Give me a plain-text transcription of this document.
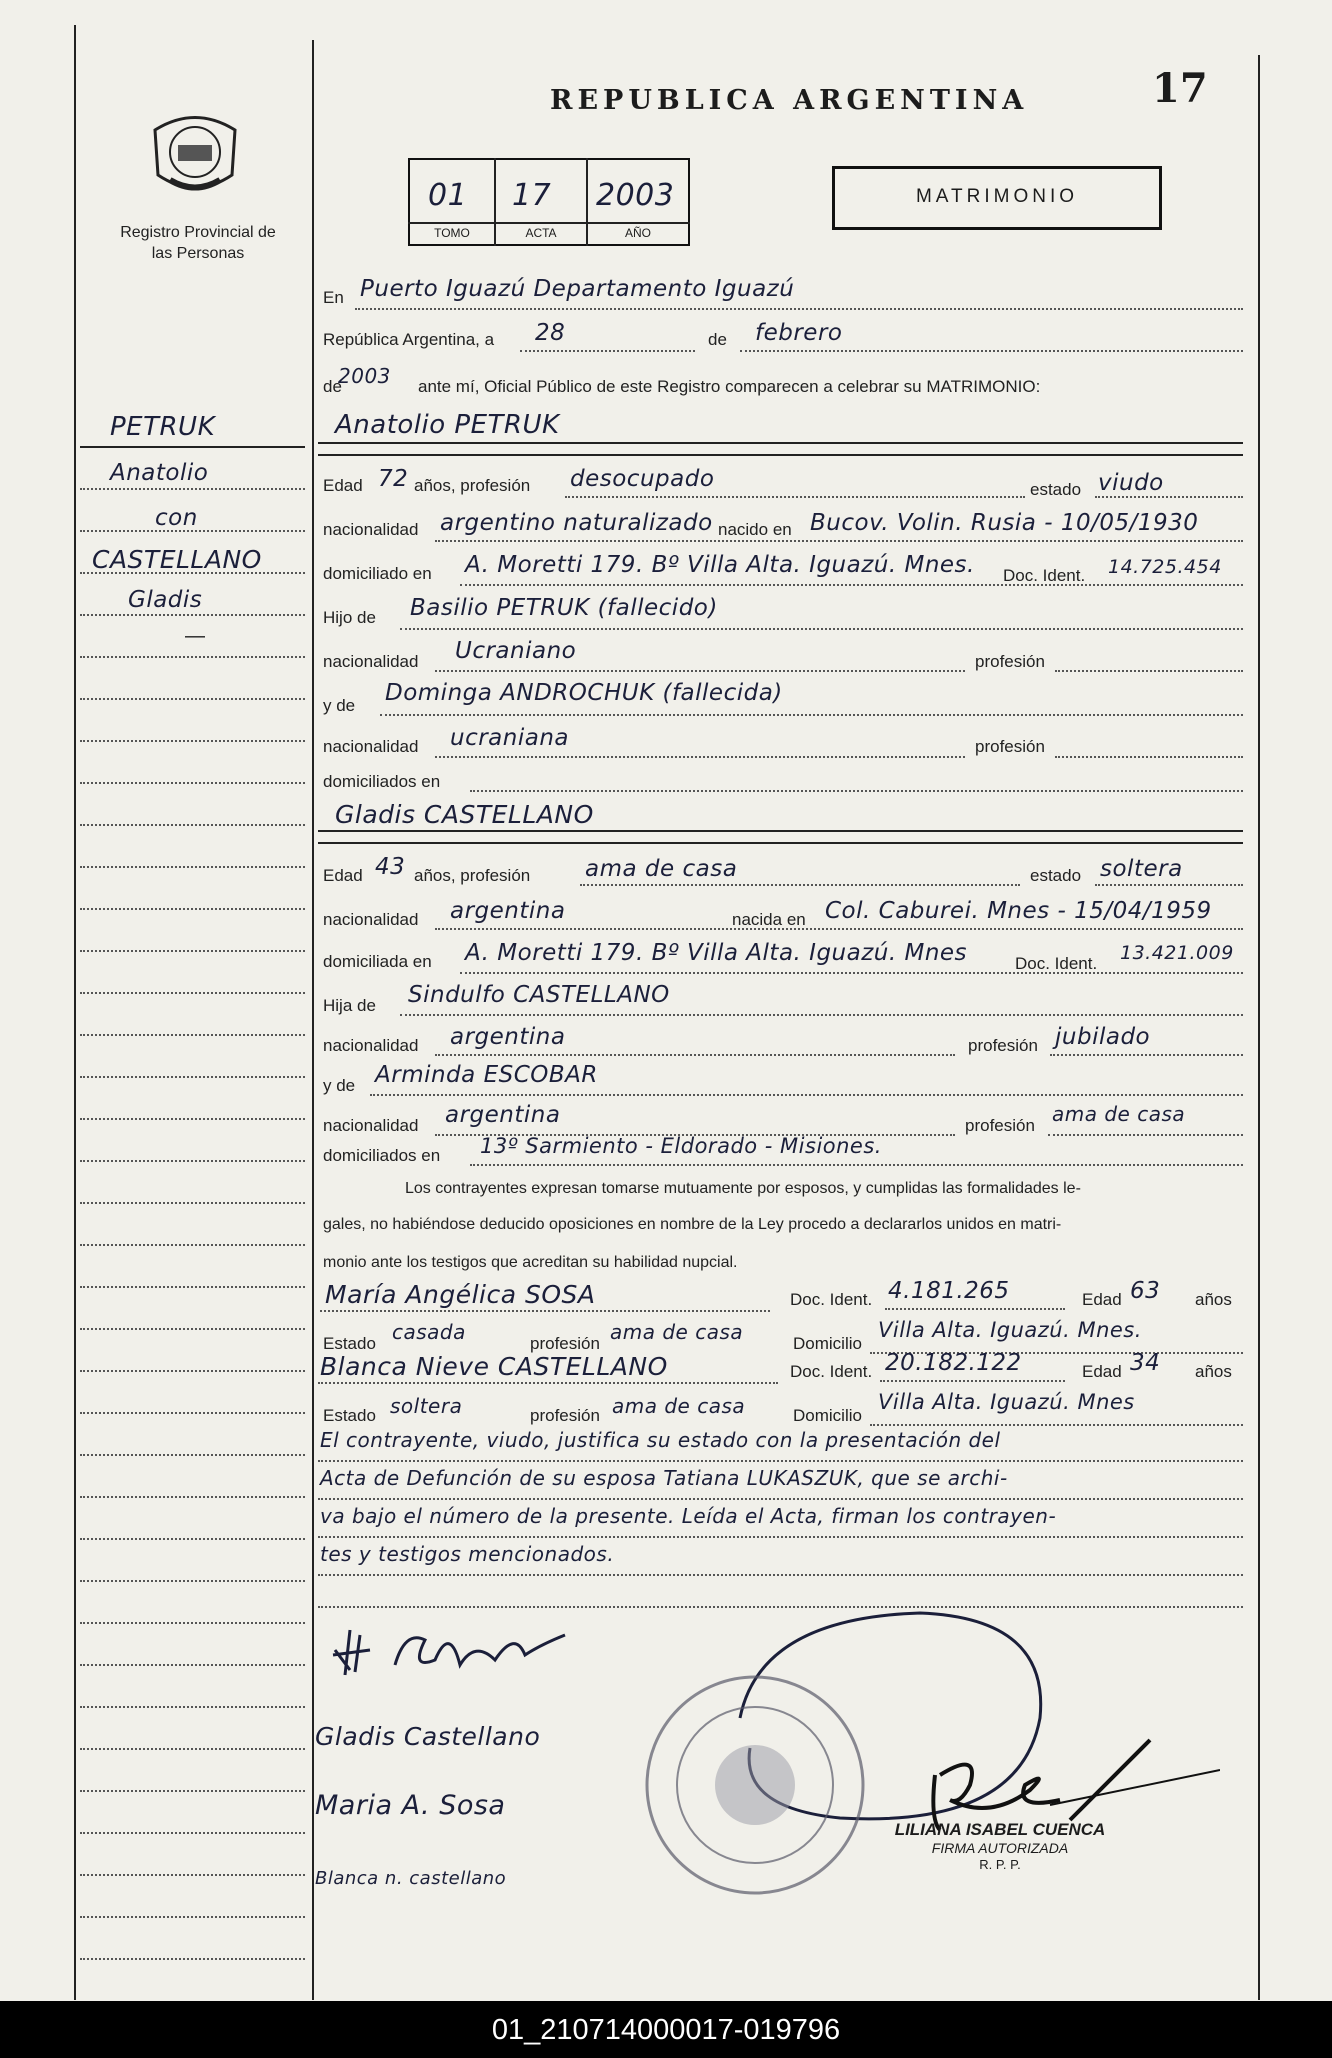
Registro Provincial de las Personas
REPUBLICA ARGENTINA	17
01 17 2003
TOMO	ACTA	AÑO
MATRIMONIO
PETRUK
Anatolio
con
CASTELLANO
Gladis
—
En Puerto Iguazú Departamento Iguazú
República Argentina, a 28	de febrero
de
2003 ante mí, Oficial Público de este Registro comparecen a celebrar su MATRIMONIO:
Anatolio PETRUK
Edad 72 años, profesión desocupado	estado viudo
nacionalidad argentino naturalizado nacido en Bucov. Volin. Rusia - 10/05/1930
domiciliado en A. Moretti 179. Bº Villa Alta. Iguazú. Mnes. Doc. Ident. 14.725.454
Hijo de Basilio PETRUK (fallecido)
nacionalidad Ucraniano	profesión
y de Dominga ANDROCHUK (fallecida)
nacionalidad ucraniana	profesión
domiciliados en
Gladis CASTELLANO
Edad 43 años, profesión ama de casa	estado soltera
nacionalidad argentina	nacida en Col. Caburei. Mnes - 15/04/1959
domiciliada en A. Moretti 179. Bº Villa Alta. Iguazú. Mnes	Doc. Ident. 13.421.009
Hija de Sindulfo CASTELLANO
nacionalidad argentina	profesión jubilado
y de Arminda ESCOBAR
nacionalidad argentina	profesión ama de casa
domiciliados en 13º Sarmiento - Eldorado - Misiones.
Los contrayentes expresan tomarse mutuamente por esposos, y cumplidas las formalidades le-
gales, no habiéndose deducido oposiciones en nombre de la Ley procedo a declararlos unidos en matri-
monio ante los testigos que acreditan su habilidad nupcial.
María Angélica SOSA	Doc. Ident. 4.181.265	Edad 63 años
Estado casada	profesión ama de casa	Domicilio
Villa Alta. Iguazú. Mnes.
Blanca Nieve CASTELLANO	Doc. Ident. 20.182.122	Edad 34 años
Estado soltera	profesión ama de casa	Domicilio
Villa Alta. Iguazú. Mnes
El contrayente, viudo, justifica su estado con la presentación del
Acta de Defunción de su esposa Tatiana LUKASZUK, que se archi-
va bajo el número de la presente. Leída el Acta, firman los contrayen-
tes y testigos mencionados.
Gladis Castellano
Maria A. Sosa
Blanca n. castellano
LILIANA ISABEL CUENCA
FIRMA AUTORIZADA
R. P. P.
01_210714000017-019796
